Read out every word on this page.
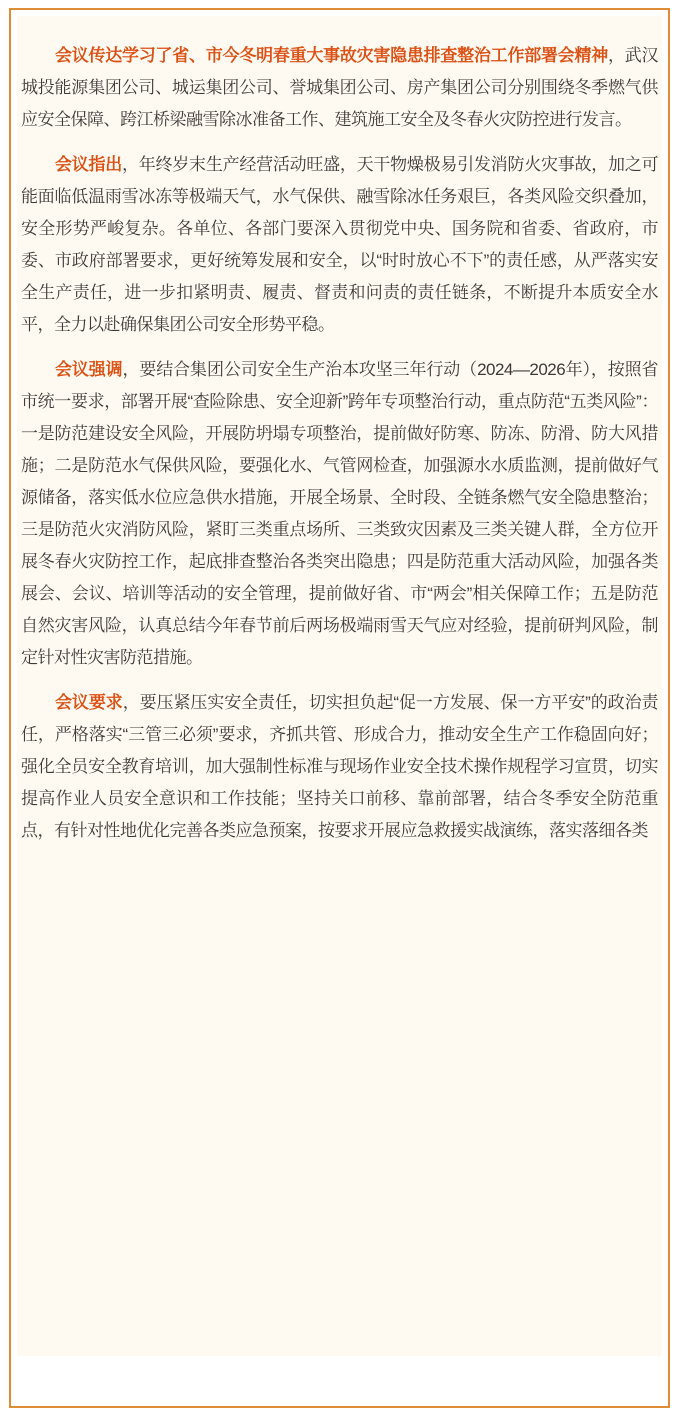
会议传达学习了省、市今冬明春重大事故灾害隐患排查整治工作部署会精神，武汉城投能源集团公司、城运集团公司、誉城集团公司、房产集团公司分别围绕冬季燃气供应安全保障、跨江桥梁融雪除冰准备工作、建筑施工安全及冬春火灾防控进行发言。

会议指出，年终岁末生产经营活动旺盛，天干物燥极易引发消防火灾事故，加之可能面临低温雨雪冰冻等极端天气，水气保供、融雪除冰任务艰巨，各类风险交织叠加，安全形势严峻复杂。各单位、各部门要深入贯彻党中央、国务院和省委、省政府，市委、市政府部署要求，更好统筹发展和安全，以“时时放心不下”的责任感，从严落实安全生产责任，进一步扣紧明责、履责、督责和问责的责任链条，不断提升本质安全水平，全力以赴确保集团公司安全形势平稳。

会议强调，要结合集团公司安全生产治本攻坚三年行动（2024—2026年），按照省市统一要求，部署开展“查险除患、安全迎新”跨年专项整治行动，重点防范“五类风险”：一是防范建设安全风险，开展防坍塌专项整治，提前做好防寒、防冻、防滑、防大风措施；二是防范水气保供风险，要强化水、气管网检查，加强源水水质监测，提前做好气源储备，落实低水位应急供水措施，开展全场景、全时段、全链条燃气安全隐患整治；三是防范火灾消防风险，紧盯三类重点场所、三类致灾因素及三类关键人群，全方位开展冬春火灾防控工作，起底排查整治各类突出隐患；四是防范重大活动风险，加强各类展会、会议、培训等活动的安全管理，提前做好省、市“两会”相关保障工作；五是防范自然灾害风险，认真总结今年春节前后两场极端雨雪天气应对经验，提前研判风险，制定针对性灾害防范措施。

会议要求，要压紧压实安全责任，切实担负起“促一方发展、保一方平安”的政治责任，严格落实“三管三必须”要求，齐抓共管、形成合力，推动安全生产工作稳固向好；强化全员安全教育培训，加大强制性标准与现场作业安全技术操作规程学习宣贯，切实提高作业人员安全意识和工作技能；坚持关口前移、靠前部署，结合冬季安全防范重点，有针对性地优化完善各类应急预案，按要求开展应急救援实战演练，落实落细各类
